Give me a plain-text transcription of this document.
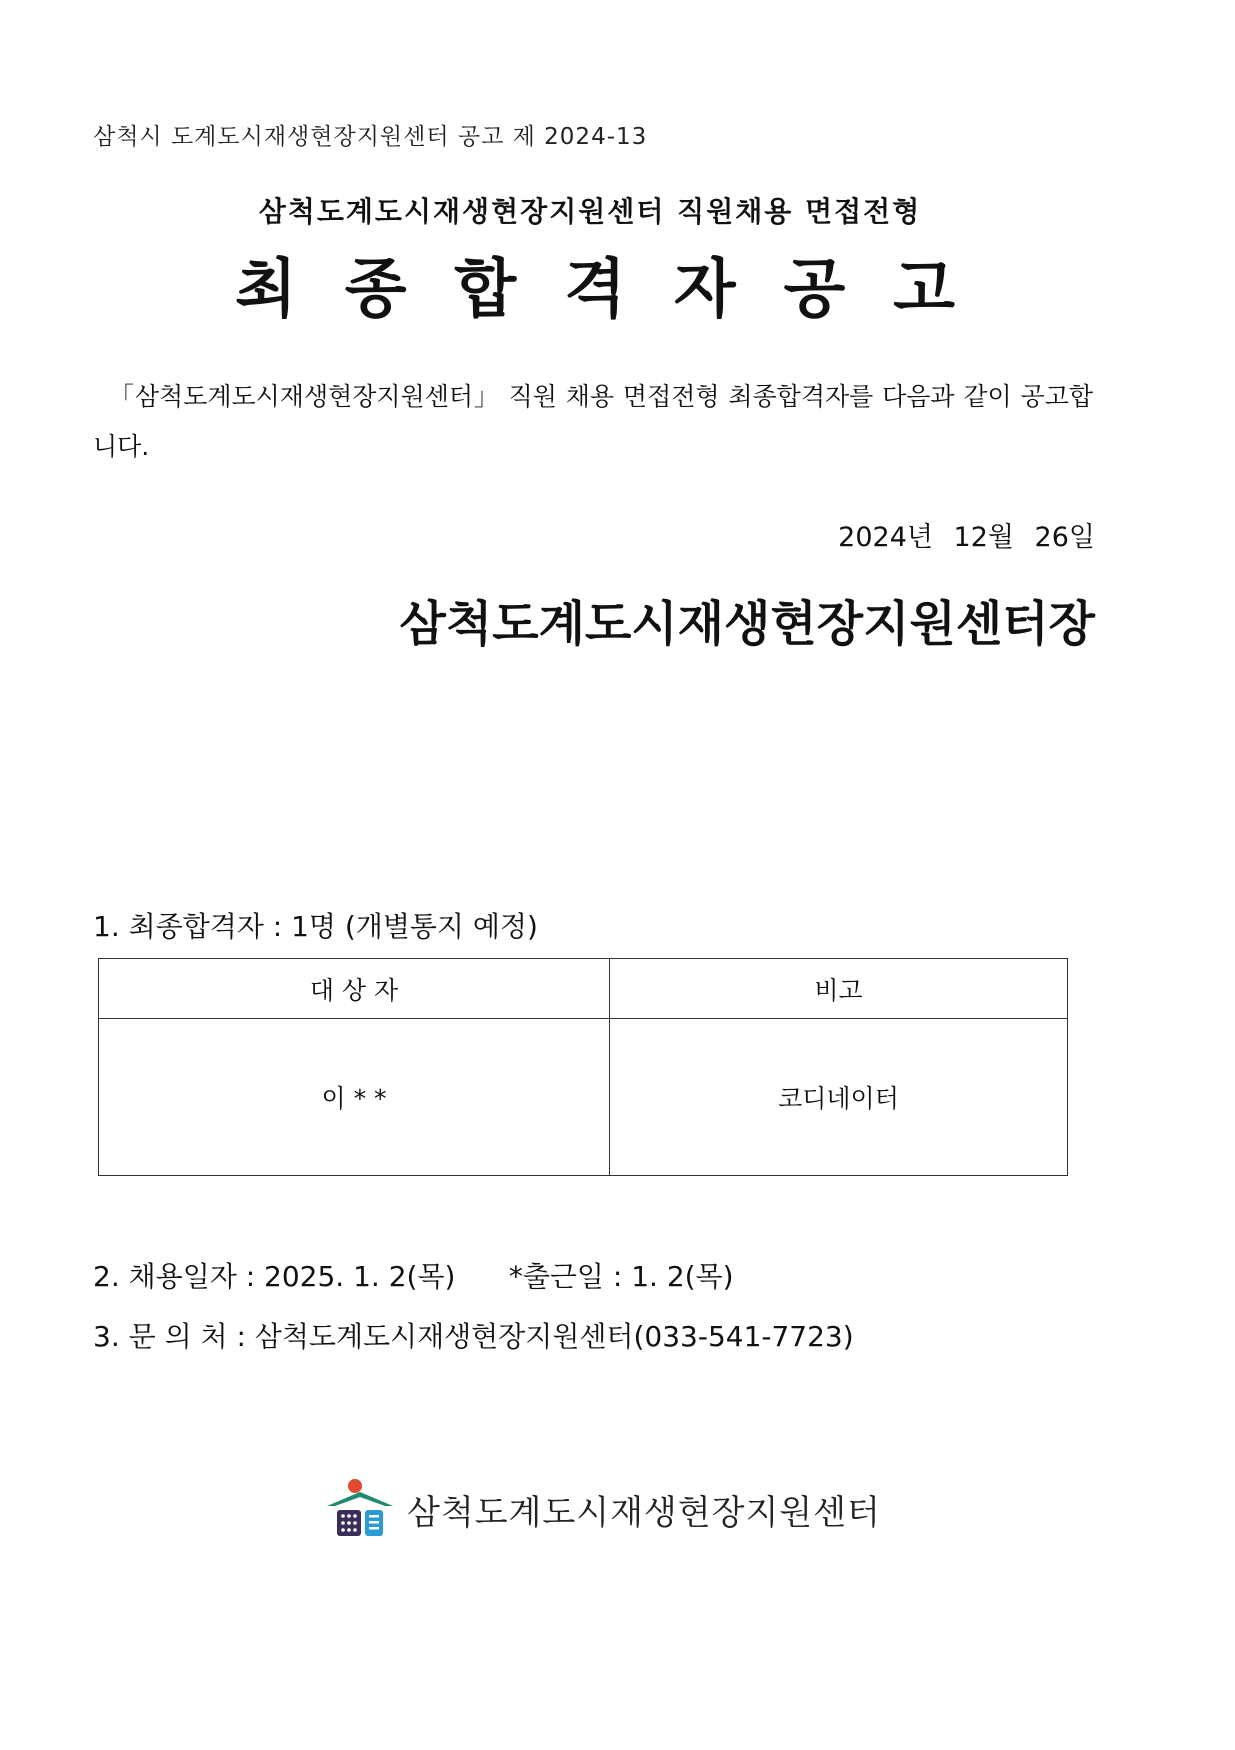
삼척시 도계도시재생현장지원센터 공고 제 2024-13
삼척도계도시재생현장지원센터 직원채용 면접전형
최 종 합 격 자 공 고
「삼척도계도시재생현장지원센터」 직원 채용 면접전형 최종합격자를 다음과 같이 공고합니다.
2024년 12월 26일
삼척도계도시재생현장지원센터장
1. 최종합격자 : 1명 (개별통지 예정)
대 상 자	비고
이 * *	코디네이터
2. 채용일자 : 2025. 1. 2(목)      *출근일 : 1. 2(목)
3. 문 의 처 : 삼척도계도시재생현장지원센터(033-541-7723)
삼척도계도시재생현장지원센터
